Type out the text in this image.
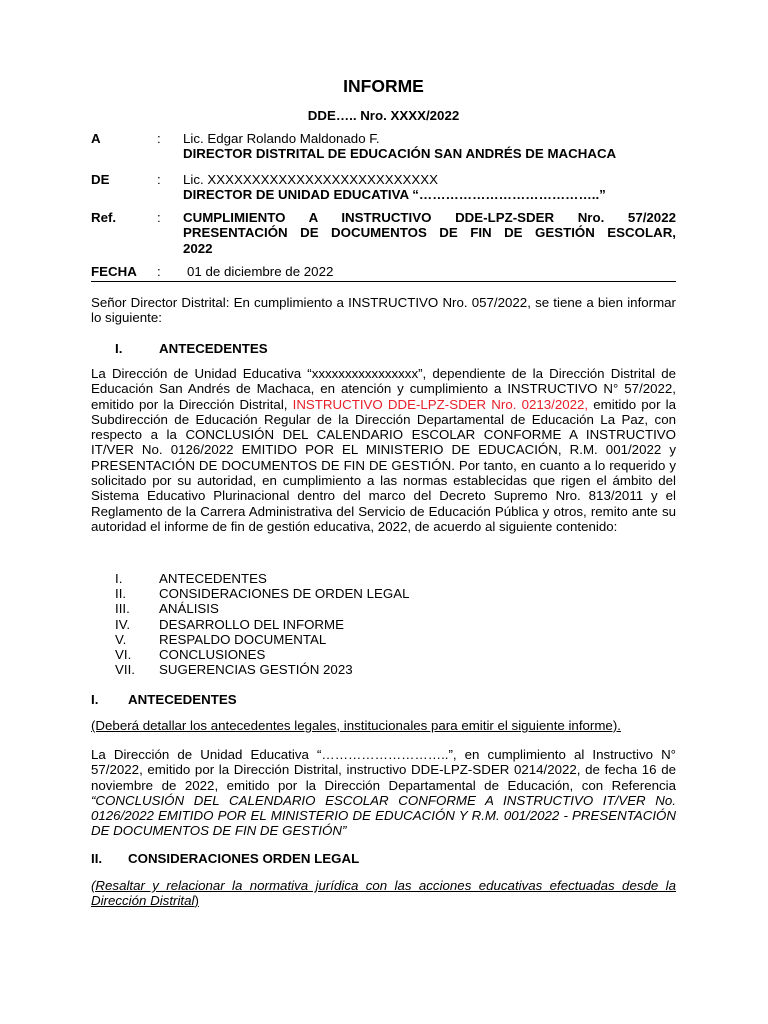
INFORME
DDE….. Nro. XXXX/2022
A	: Lic. Edgar Rolando Maldonado F.
DIRECTOR DISTRITAL DE EDUCACIÓN SAN ANDRÉS DE MACHACA
DE	: Lic. XXXXXXXXXXXXXXXXXXXXXXXXXX
DIRECTOR DE UNIDAD EDUCATIVA “…………………………………..”
Ref.	: CUMPLIMIENTO A INSTRUCTIVO DDE-LPZ-SDER Nro. 57/2022
PRESENTACIÓN DE DOCUMENTOS DE FIN DE GESTIÓN ESCOLAR,
2022
FECHA : 01 de diciembre de 2022
Señor Director Distrital: En cumplimiento a INSTRUCTIVO Nro. 057/2022, se tiene a bien informar lo siguiente:
I.	ANTECEDENTES
La Dirección de Unidad Educativa “xxxxxxxxxxxxxxxx”, dependiente de la Dirección Distrital de Educación San Andrés de Machaca, en atención y cumplimiento a INSTRUCTIVO N° 57/2022, emitido por la Dirección Distrital, INSTRUCTIVO DDE-LPZ-SDER Nro. 0213/2022, emitido por la Subdirección de Educación Regular de la Dirección Departamental de Educación La Paz, con respecto a la CONCLUSIÓN DEL CALENDARIO ESCOLAR CONFORME A INSTRUCTIVO IT/VER No. 0126/2022 EMITIDO POR EL MINISTERIO DE EDUCACIÓN, R.M. 001/2022 y PRESENTACIÓN DE DOCUMENTOS DE FIN DE GESTIÓN. Por tanto, en cuanto a lo requerido y solicitado por su autoridad, en cumplimiento a las normas establecidas que rigen el ámbito del Sistema Educativo Plurinacional dentro del marco del Decreto Supremo Nro. 813/2011 y el Reglamento de la Carrera Administrativa del Servicio de Educación Pública y otros, remito ante su autoridad el informe de fin de gestión educativa, 2022, de acuerdo al siguiente contenido:
I.	ANTECEDENTES
II. CONSIDERACIONES DE ORDEN LEGAL
III. ANÁLISIS
IV. DESARROLLO DEL INFORME
V. RESPALDO DOCUMENTAL
VI. CONCLUSIONES
VII. SUGERENCIAS GESTIÓN 2023
I. ANTECEDENTES
(Deberá detallar los antecedentes legales, institucionales para emitir el siguiente informe).
La Dirección de Unidad Educativa “………………………..”, en cumplimiento al Instructivo N° 57/2022, emitido por la Dirección Distrital, instructivo DDE-LPZ-SDER 0214/2022, de fecha 16 de noviembre de 2022, emitido por la Dirección Departamental de Educación, con Referencia “CONCLUSIÓN DEL CALENDARIO ESCOLAR CONFORME A INSTRUCTIVO IT/VER No. 0126/2022 EMITIDO POR EL MINISTERIO DE EDUCACIÓN Y R.M. 001/2022 - PRESENTACIÓN DE DOCUMENTOS DE FIN DE GESTIÓN”
II. CONSIDERACIONES ORDEN LEGAL
(Resaltar y relacionar la normativa jurídica con las acciones educativas efectuadas desde la Dirección Distrital)
